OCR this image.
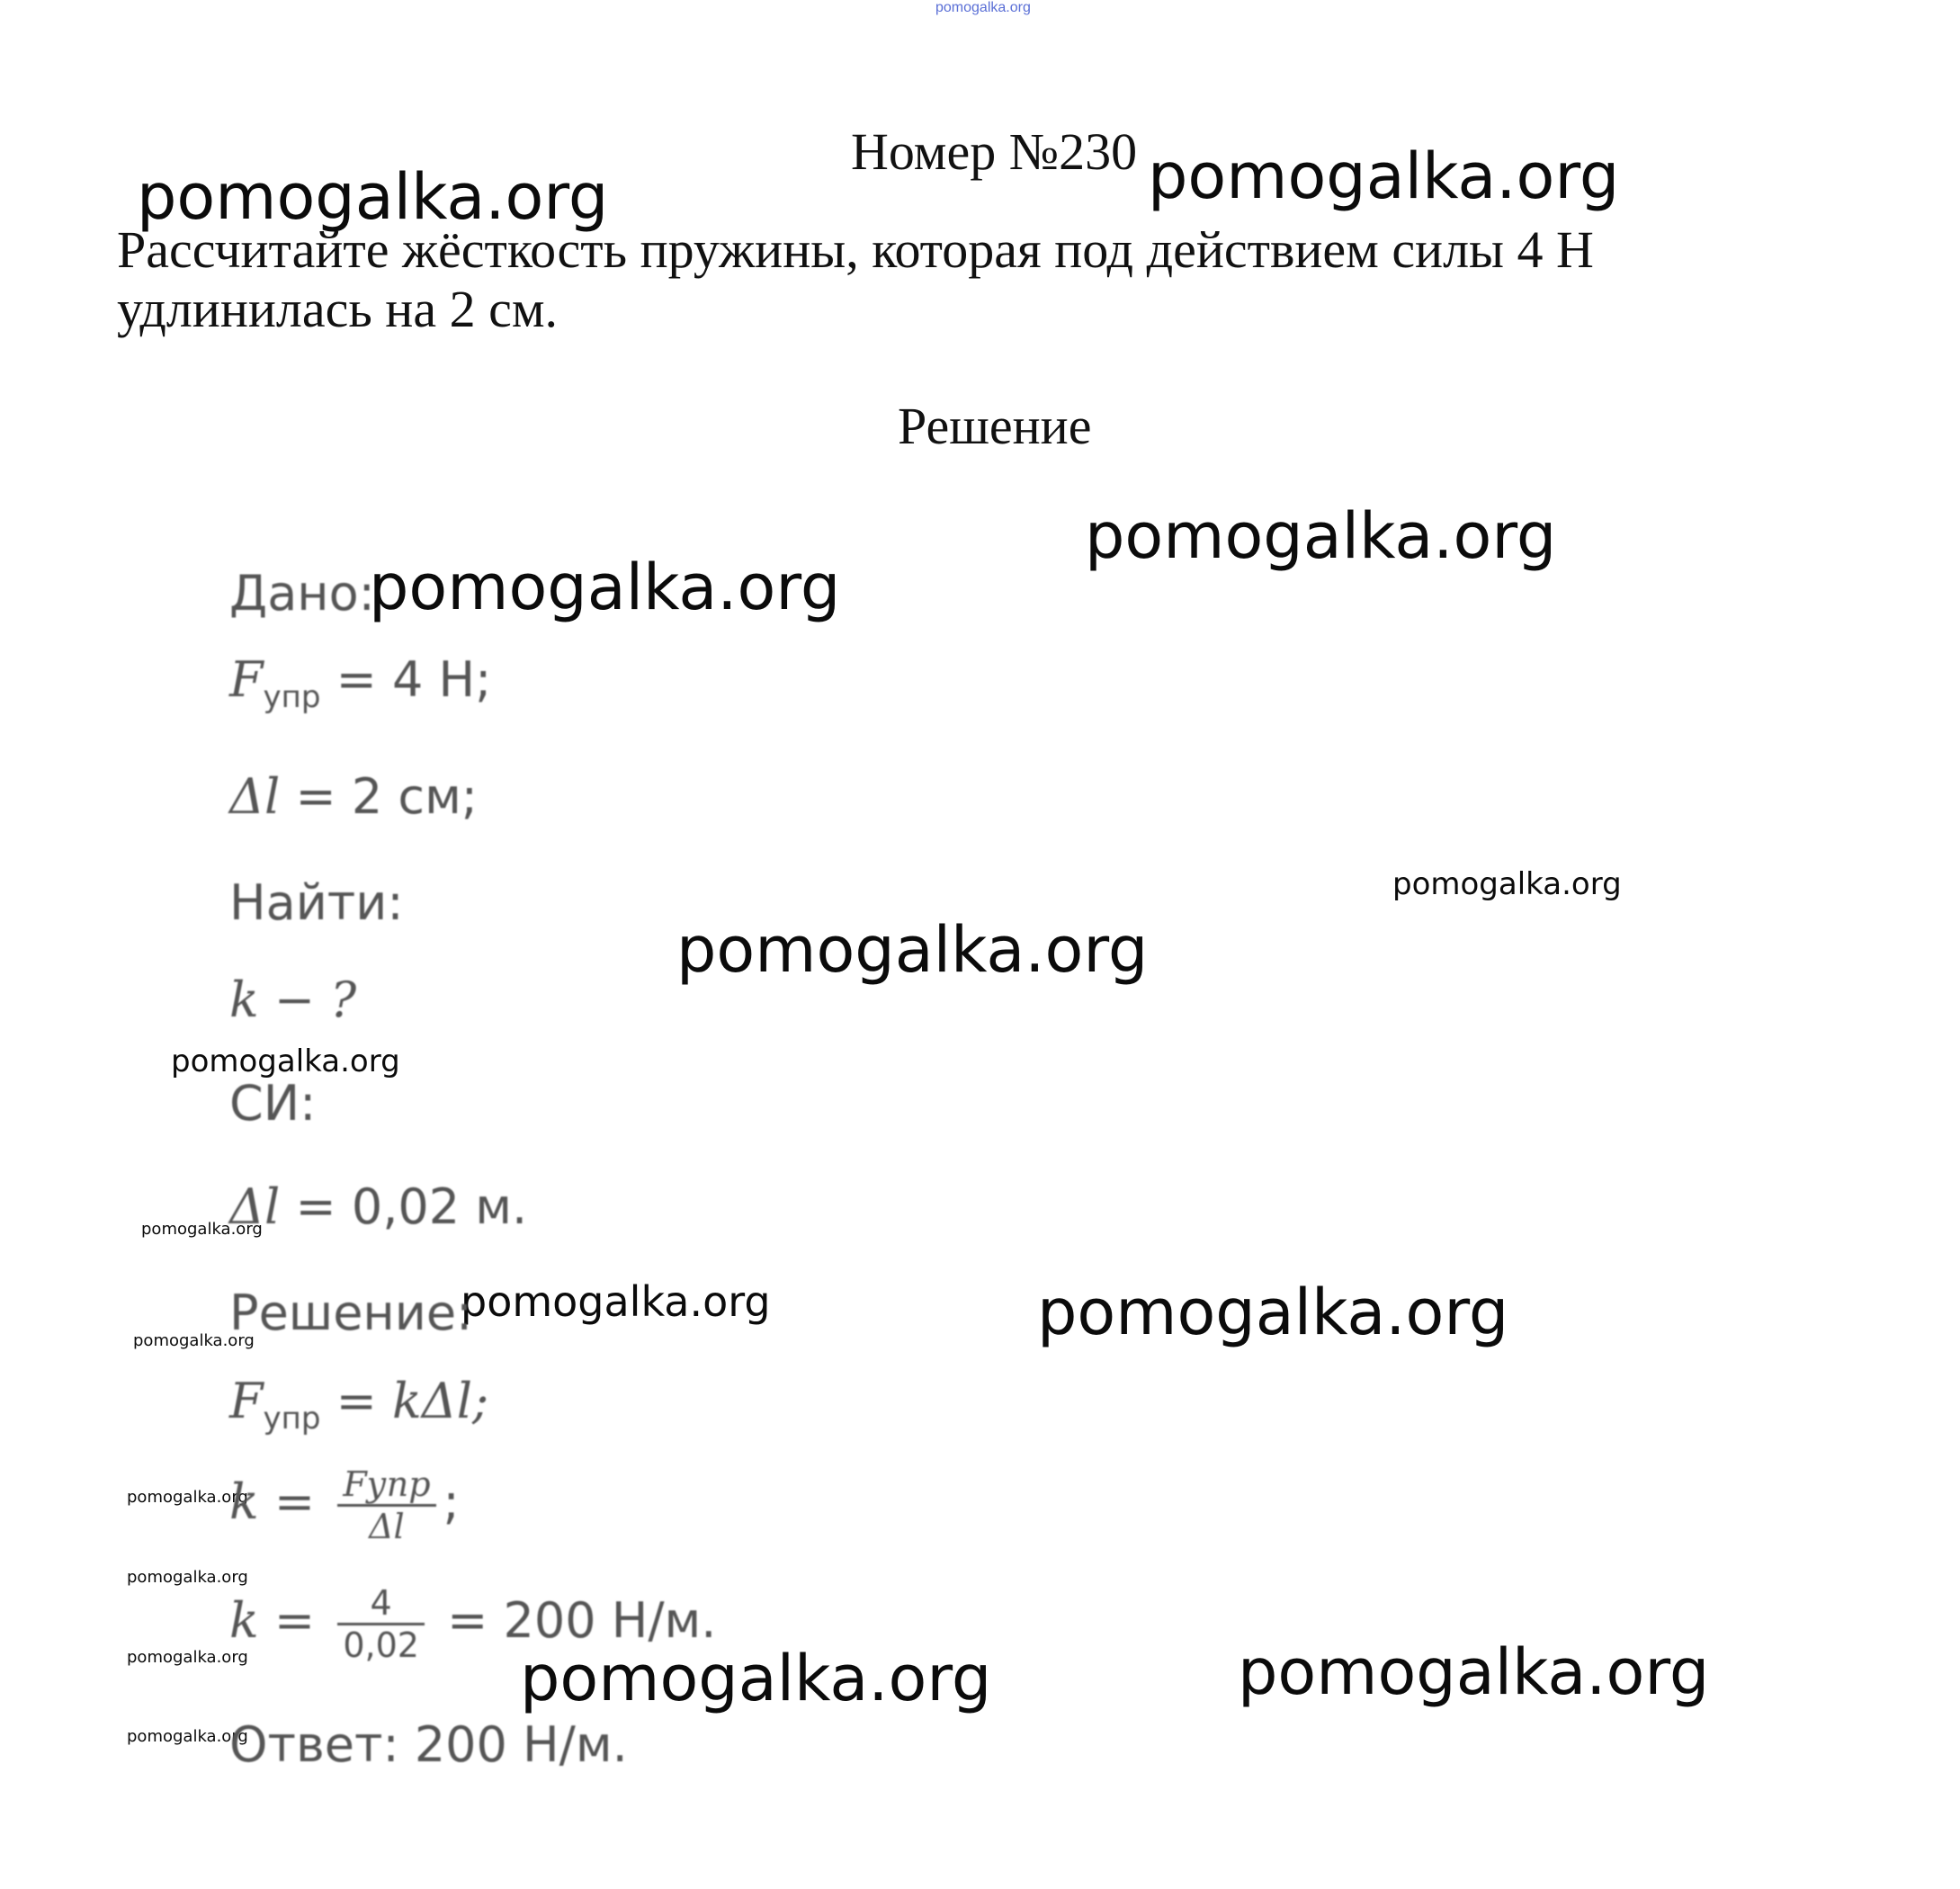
pomogalka.org
pomogalka.org	pomogalka.org
pomogalka.org
pomogalka.org
pomogalka.org
pomogalka.org
pomogalka.org
pomogalka.org
pomogalka.org	pomogalka.org
pomogalka.org
pomogalka.org
pomogalka.org
pomogalka.org	pomogalka.org	pomogalka.org
pomogalka.org
Номер №230
Рассчитайте жёсткость пружины, которая под действием силы 4 Н
удлинилась на 2 см.
Решение
Дано:
$F_{упр} = 4$ Н;
Δl = 2 см;
Найти:
k − ?
СИ:
Δl = 0,02 м.
Решение:
$F_{упр} = k\Delta l$;
$k = \frac{\text{Fупр}}{\Delta l}$ ;
$k = \frac{4}{0,02} = 200$ Н/м.
Ответ: 200 Н/м.
